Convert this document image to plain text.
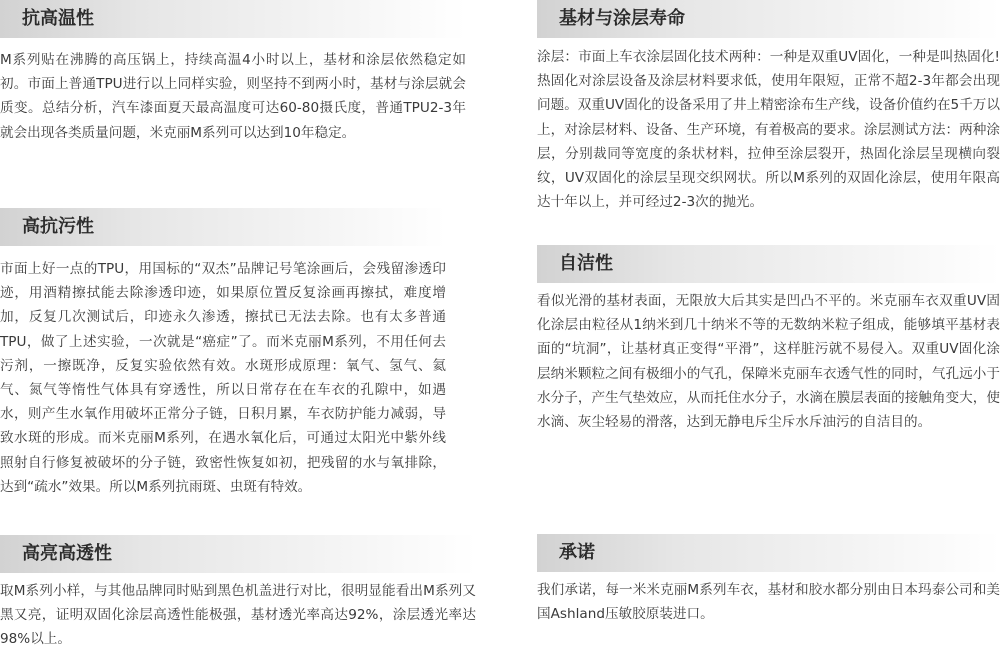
抗高温性

M系列贴在沸腾的高压锅上，持续高温4小时以上，基材和涂层依然稳定如初。市面上普通TPU进行以上同样实验，则坚持不到两小时，基材与涂层就会质变。总结分析，汽车漆面夏天最高温度可达60-80摄氏度，普通TPU2-3年就会出现各类质量问题，米克丽M系列可以达到10年稳定。

高抗污性

市面上好一点的TPU，用国标的“双杰”品牌记号笔涂画后，会残留渗透印迹，用酒精擦拭能去除渗透印迹，如果原位置反复涂画再擦拭，难度增加，反复几次测试后，印迹永久渗透，擦拭已无法去除。也有太多普通TPU，做了上述实验，一次就是“癌症”了。而米克丽M系列，不用任何去污剂，一擦既净，反复实验依然有效。水斑形成原理：氧气、氢气、氦气、氮气等惰性气体具有穿透性，所以日常存在在车衣的孔隙中，如遇水，则产生水氧作用破坏正常分子链，日积月累，车衣防护能力减弱，导致水斑的形成。而米克丽M系列，在遇水氧化后，可通过太阳光中紫外线照射自行修复被破坏的分子链，致密性恢复如初，把残留的水与氧排除，达到“疏水”效果。所以M系列抗雨斑、虫斑有特效。

高亮高透性

取M系列小样，与其他品牌同时贴到黑色机盖进行对比，很明显能看出M系列又黑又亮，证明双固化涂层高透性能极强，基材透光率高达92%，涂层透光率达98%以上。

基材与涂层寿命

涂层：市面上车衣涂层固化技术两种：一种是双重UV固化，一种是叫热固化!热固化对涂层设备及涂层材料要求低，使用年限短，正常不超2-3年都会出现问题。双重UV固化的设备采用了井上精密涂布生产线，设备价值约在5千万以上，对涂层材料、设备、生产环境，有着极高的要求。涂层测试方法：两种涂层，分别裁同等宽度的条状材料，拉伸至涂层裂开，热固化涂层呈现横向裂纹，UV双固化的涂层呈现交织网状。所以M系列的双固化涂层，使用年限高达十年以上，并可经过2-3次的抛光。

自洁性

看似光滑的基材表面，无限放大后其实是凹凸不平的。米克丽车衣双重UV固化涂层由粒径从1纳米到几十纳米不等的无数纳米粒子组成，能够填平基材表面的“坑洞”，让基材真正变得“平滑”，这样脏污就不易侵入。双重UV固化涂层纳米颗粒之间有极细小的气孔，保障米克丽车衣透气性的同时，气孔远小于水分子，产生气垫效应，从而托住水分子，水滴在膜层表面的接触角变大，使水滴、灰尘轻易的滑落，达到无静电斥尘斥水斥油污的自洁目的。

承诺

我们承诺，每一米米克丽M系列车衣，基材和胶水都分别由日本玛泰公司和美国Ashland压敏胶原装进口。
